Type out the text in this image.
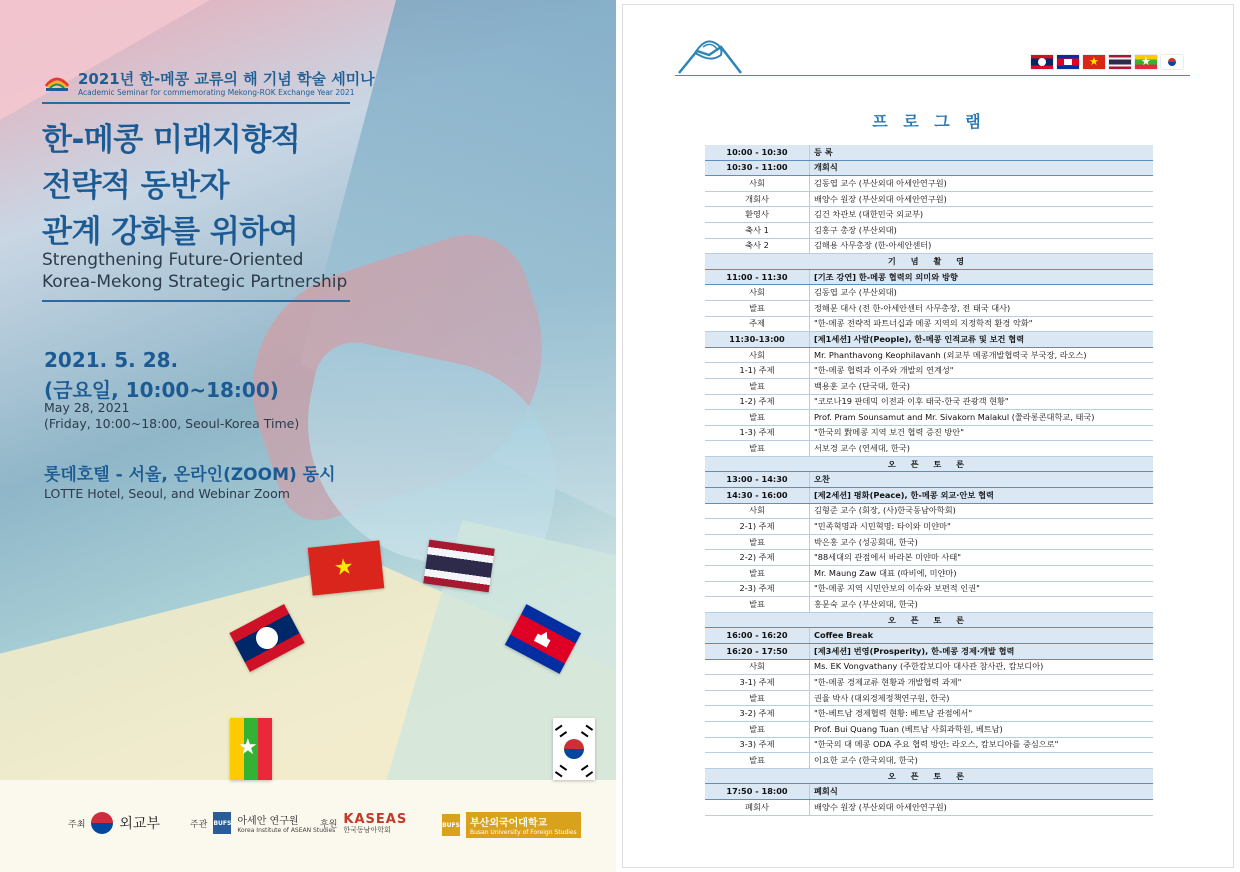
2021년 한-메콩 교류의 해 기념 학술 세미나
Academic Seminar for commemorating Mekong-ROK Exchange Year 2021
한-메콩 미래지향적
전략적 동반자
관계 강화를 위하여
Strengthening Future-Oriented
Korea-Mekong Strategic Partnership
2021. 5. 28.
(금요일, 10:00~18:00)
May 28, 2021
(Friday, 10:00~18:00, Seoul-Korea Time)
롯데호텔 - 서울, 온라인(ZOOM) 동시
LOTTE Hotel, Seoul, and Webinar Zoom
★
★
주최 외교부	주관 BUFS 아세안 연구원
Korea Institute of ASEAN Studies
후원 KASEAS
한국동남아학회
BUFS 부산외국어대학교
Busan University of Foreign Studies
★	★
프 로 그 램
10:00 - 10:30	등 록
10:30 - 11:00	개회식
사회	김동엽 교수 (부산외대 아세안연구원)
개회사	배양수 원장 (부산외대 아세안연구원)
환영사	김건 차관보 (대한민국 외교부)
축사 1	김홍구 총장 (부산외대)
축사 2	김해용 사무총장 (한-아세안센터)
기 념 촬 영	
11:00 - 11:30	[기조 강연] 한-메콩 협력의 의미와 방향
사회	김동엽 교수 (부산외대)
발표	정해문 대사 (전 한-아세안센터 사무총장, 전 태국 대사)
주제	"한-메콩 전략적 파트너십과 메콩 지역의 지정학적 환경 악화"
11:30-13:00	[제1세션] 사람(People), 한-메콩 인적교류 및 보건 협력
사회	Mr. Phanthavong Keophilavanh (외교부 메콩개발협력국 부국장, 라오스)
1-1) 주제	"한-메콩 협력과 이주와 개발의 연계성"
발표	백용훈 교수 (단국대, 한국)
1-2) 주제	"코로나19 판데믹 이전과 이후 태국-한국 관광객 현황"
발표	Prof. Pram Sounsamut and Mr. Sivakorn Malakul (쭐라롱콘대학교, 태국)
1-3) 주제	"한국의 對메콩 지역 보건 협력 증진 방안"
발표	서보경 교수 (연세대, 한국)
오 픈 토 론	
13:00 - 14:30	오찬
14:30 - 16:00	[제2세션] 평화(Peace), 한-메콩 외교·안보 협력
사회	김형준 교수 (회장, (사)한국동남아학회)
2-1) 주제	"민족혁명과 시민혁명: 타이와 미얀마"
발표	박은홍 교수 (성공회대, 한국)
2-2) 주제	"88세대의 관점에서 바라본 미얀마 사태"
발표	Mr. Maung Zaw 대표 (따비에, 미얀마)
2-3) 주제	"한-메콩 지역 시민안보의 이슈와 보편적 인권"
발표	홍문숙 교수 (부산외대, 한국)
오 픈 토 론	
16:00 - 16:20	Coffee Break
16:20 - 17:50	[제3세션] 번영(Prosperity), 한-메콩 경제·개발 협력
사회	Ms. EK Vongvathany (주한캄보디아 대사관 참사관, 캄보디아)
3-1) 주제	"한-메콩 경제교류 현황과 개발협력 과제"
발표	권율 박사 (대외경제정책연구원, 한국)
3-2) 주제	"한-베트남 경제협력 현황: 베트남 관점에서"
발표	Prof. Bui Quang Tuan (베트남 사회과학원, 베트남)
3-3) 주제	"한국의 대 메콩 ODA 주요 협력 방안: 라오스, 캄보디아를 중심으로"
발표	이요한 교수 (한국외대, 한국)
오 픈 토 론	
17:50 - 18:00	폐회식
폐회사	배양수 원장 (부산외대 아세안연구원)
